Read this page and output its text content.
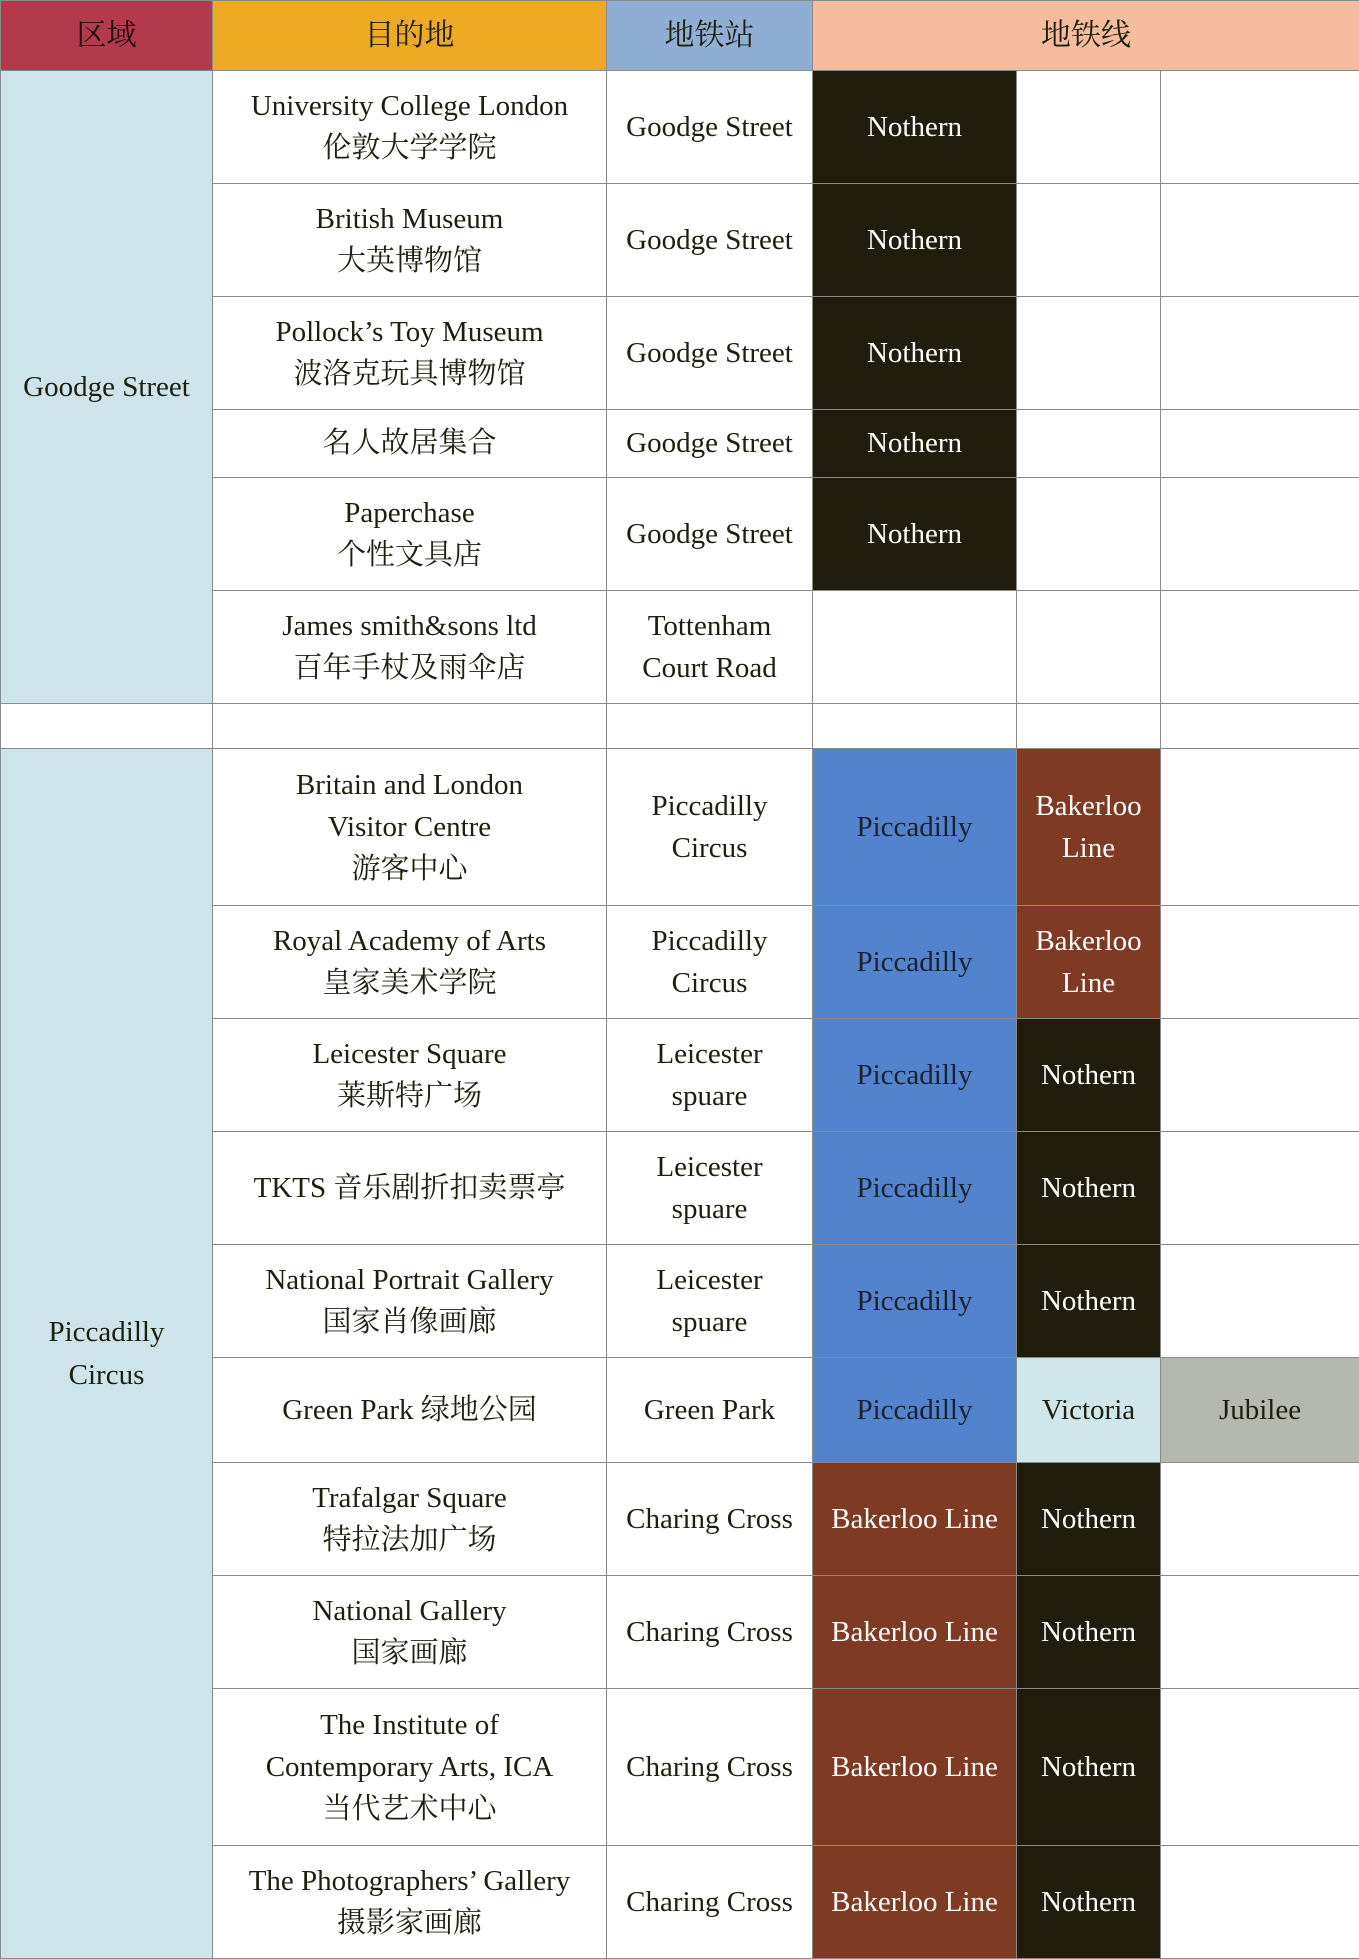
区域	目的地	地铁站	地铁线		
Goodge Street	University College London
伦敦大学学院	Goodge Street	Nothern		
	British Museum
大英博物馆	Goodge Street	Nothern		
	Pollock’s Toy Museum
波洛克玩具博物馆	Goodge Street	Nothern		
	名人故居集合	Goodge Street	Nothern		
	Paperchase
个性文具店	Goodge Street	Nothern		
	James smith&sons ltd
百年手杖及雨伞店	Tottenham
Court Road			

Piccadilly
Circus	Britain and London
Visitor Centre
游客中心	Piccadilly
Circus	Piccadilly	Bakerloo
Line	
	Royal Academy of Arts
皇家美术学院	Piccadilly
Circus	Piccadilly	Bakerloo
Line	
	Leicester Square
莱斯特广场	Leicester
spuare	Piccadilly	Nothern	
	TKTS 音乐剧折扣卖票亭	Leicester
spuare	Piccadilly	Nothern	
	National Portrait Gallery
国家肖像画廊	Leicester
spuare	Piccadilly	Nothern	
	Green Park 绿地公园	Green Park	Piccadilly	Victoria	Jubilee
	Trafalgar Square
特拉法加广场	Charing Cross	Bakerloo Line	Nothern	
	National Gallery
国家画廊	Charing Cross	Bakerloo Line	Nothern	
	The Institute of
Contemporary Arts, ICA
当代艺术中心	Charing Cross	Bakerloo Line	Nothern	
	The Photographers’ Gallery
摄影家画廊	Charing Cross	Bakerloo Line	Nothern	
